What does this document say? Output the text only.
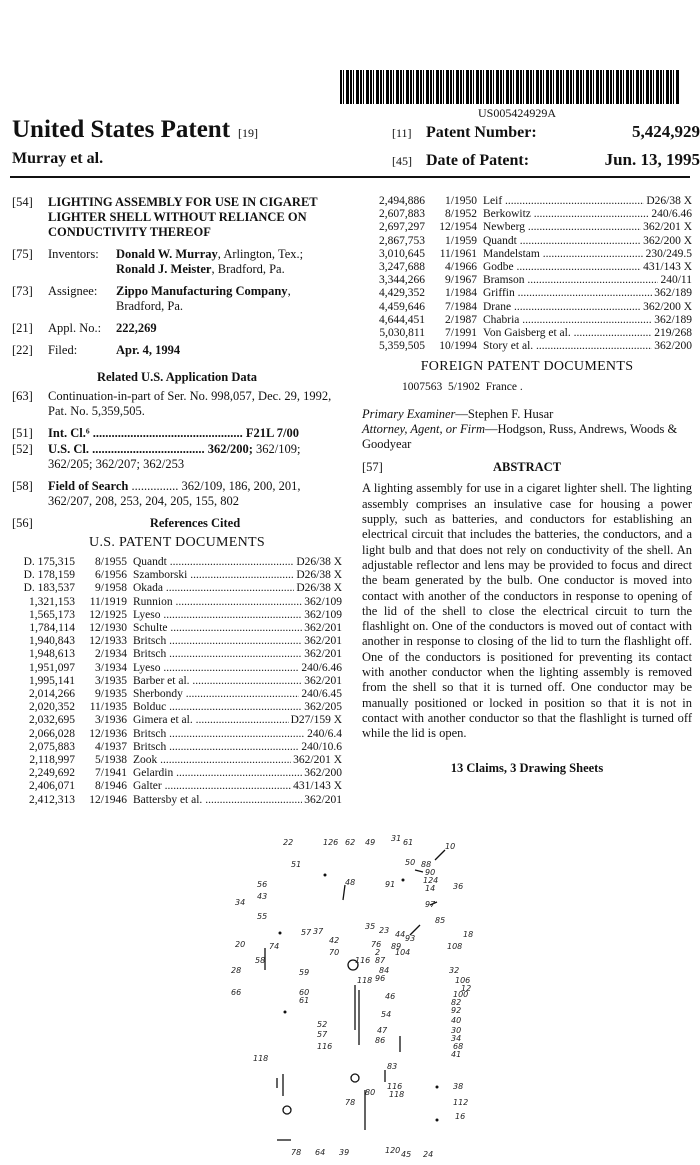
US005424929A
United States Patent [19]
Murray et al.
[11] Patent Number:	5,424,929
[45] Date of Patent:	Jun. 13, 1995
[54]	LIGHTING ASSEMBLY FOR USE IN CIGARET LIGHTER SHELL WITHOUT RELIANCE ON CONDUCTIVITY THEREOF
[75]	Inventors:	Donald W. Murray, Arlington, Tex.;
Ronald J. Meister, Bradford, Pa.
[73]	Assignee:	Zippo Manufacturing Company, Bradford, Pa.
[21]	Appl. No.:	222,269
[22]	Filed:	Apr. 4, 1994
Related U.S. Application Data
[63]	Continuation-in-part of Ser. No. 998,057, Dec. 29, 1992, Pat. No. 5,359,505.
[51]	Int. Cl.⁶ ................................................ F21L 7/00
[52]	U.S. Cl. .................................... 362/200; 362/109; 362/205; 362/207; 362/253
[58]	Field of Search ............... 362/109, 186, 200, 201, 362/207, 208, 253, 204, 205, 155, 802
[56]	References Cited
U.S. PATENT DOCUMENTS
D. 175,315	8/1955 Quandt .....	D26/38 X
D. 178,159	6/1956 Szamborski .....	D26/38 X
D. 183,537	9/1958 Okada .....	D26/38 X
1,321,153	11/1919 Runnion .....	362/109
1,565,173	12/1925 Lyeso .....	362/109
1,784,114	12/1930 Schulte .....	362/201
1,940,843	12/1933 Britsch .....	362/201
1,948,613	2/1934 Britsch .....	362/201
1,951,097	3/1934 Lyeso .....	240/6.46
1,995,141	3/1935 Barber et al. .....	362/201
2,014,266	9/1935 Sherbondy .....	240/6.45
2,020,352	11/1935 Bolduc .....	362/205
2,032,695	3/1936 Gimera et al. .....	D27/159 X
2,066,028	12/1936 Britsch .....	240/6.4
2,075,883	4/1937 Britsch .....	240/10.6
2,118,997	5/1938 Zook .....	362/201 X
2,249,692	7/1941 Gelardin .....	362/200
2,406,071	8/1946 Galter .....	431/143 X
2,412,313	12/1946 Battersby et al. .....	362/201
2,494,886	1/1950 Leif .....	D26/38 X
2,607,883	8/1952 Berkowitz .....	240/6.46
2,697,297	12/1954 Newberg .....	362/201 X
2,867,753	1/1959 Quandt .....	362/200 X
3,010,645	11/1961 Mandelstam .....	230/249.5
3,247,688	4/1966 Godbe .....	431/143 X
3,344,266	9/1967 Bramson .....	240/11
4,429,352	1/1984 Griffin .....	362/189
4,459,646	7/1984 Drane .....	362/200 X
4,644,451	2/1987 Chabria .....	362/189
5,030,811	7/1991 Von Gaisberg et al. .....	219/268
5,359,505	10/1994 Story et al. .....	362/200
FOREIGN PATENT DOCUMENTS
1007563 5/1902 France .
Primary Examiner—Stephen F. Husar
Attorney, Agent, or Firm—Hodgson, Russ, Andrews, Woods & Goodyear
[57]	ABSTRACT
A lighting assembly for use in a cigaret lighter shell. The lighting assembly comprises an insulative case for housing a power supply, such as batteries, and conductors for establishing an electrical circuit that includes the batteries, the conductors, and a light bulb and that does not rely on conductivity of the shell. An adjustable reflector and lens may be provided to focus and direct the beam generated by the bulb. One conductor is moved into contact with another of the conductors in response to opening of the lid of the shell to close the electrical circuit to turn the flashlight on. One of the conductors is moved out of contact with another in response to closing of the lid to turn the flashlight off. One of the conductors is positioned for preventing its contact with another conductor when the lighting assembly is removed from the shell so that it is turned off. One conductor may be manually positioned or locked in position so that it is not in contact with another conductor so that the flashlight is turned off while the lid is open.
13 Claims, 3 Drawing Sheets
22	126 62 49 31 61	10
51	50 88
90
124
36
14
56
43
48	91
97
34
55
35
85
18
57 37
42
23 44 93
20	74	76 89	108
58
70
116
2 104
87
28	59	84	32
106
12
66	60
61
118 96
46	100
82
52
54	92
40
30
34
57	47
86
116	68
41
118
83
38
78
80
116
118
112
16
78 64 39	120 45 24
